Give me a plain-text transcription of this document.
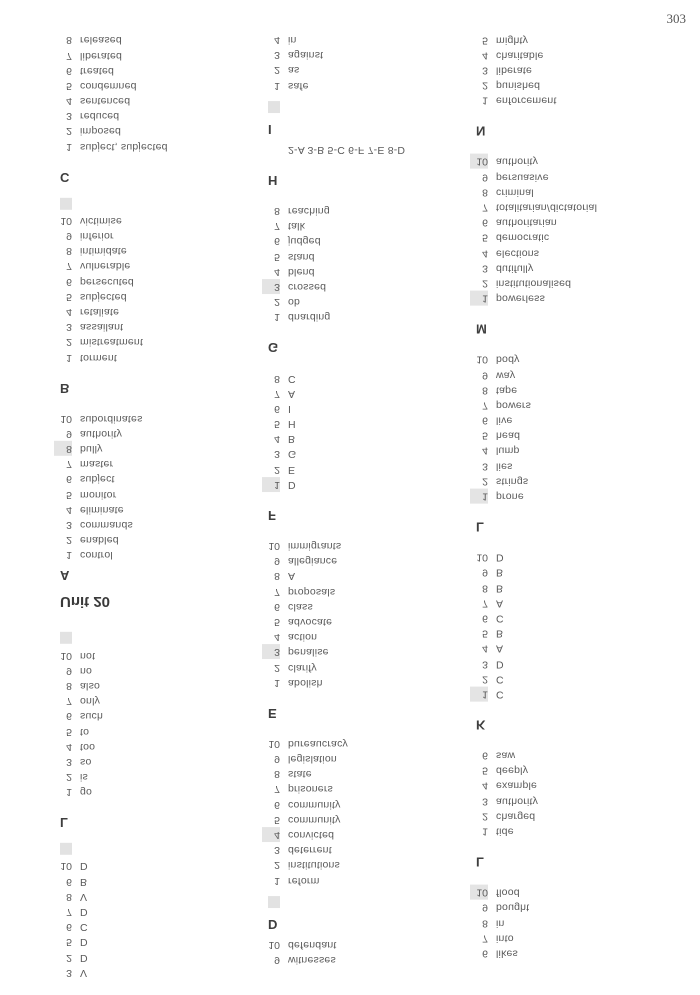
303
3 V
2 D
5 D
6 C
7 D
8 V
6 B
10 D
L
1 go
2 is
3 so
4 too
5 to
6 such
7 only
8 also
9 no
10 not
Unit 20
A
1 control
2 enabled
3 commands
4 eliminate
5 monitor
6 subject
7 master
8 bully
9 authority
10 subordinates
B
1 torment
2 mistreatment
3 assailant
4 retaliate
5 subjected
6 persecuted
7 vulnerable
8 intimidate
9 inferior
10 victimise
C
1 subject, subjected
2 imposed
3 reduced
4 sentenced
5 condemned
6 treated
7 liberated
8 released
9 witnesses
10 defendant
D
1 reform
2 institutions
3 deterrent
4 convicted
5 community
6 community
7 prisoners
8 state
9 legislation
10 bureaucracy
E
1 abolish
2 clarify
3 penalise
4 action
5 advocate
6 class
7 proposals
8 A
9 allegiance
10 immigrants
F
1 D
2 E
3 G
4 B
5 H
6 I
7 A
8 C
G
1 dnarding
2 ob
3 crossed
4 blend
5 stand
6 judged
7 talk
8 reaching
H
2-A 3-B 5-C 6-F 7-E 8-D
I
1 safe
2 as
3 against
4 in
6 likes
7 into
8 in
9 bought
10 flood
L
1 tide
2 charged
3 authority
4 example
5 deeply
6 saw
K
1 C
2 C
3 D
4 A
5 B
6 C
7 A
8 B
9 B
10 D
L
1 prone
2 strings
3 lies
4 lump
5 head
6 live
7 powers
8 tape
9 way
10 body
M
1 powerless
2 institutionalised
3 dutifully
4 elections
5 democratic
6 authoritarian
7 totalitarian/dictatorial
8 criminal
9 persuasive
10 authority
N
1 enforcement
2 punished
3 liberate
4 charitable
5 mighty
